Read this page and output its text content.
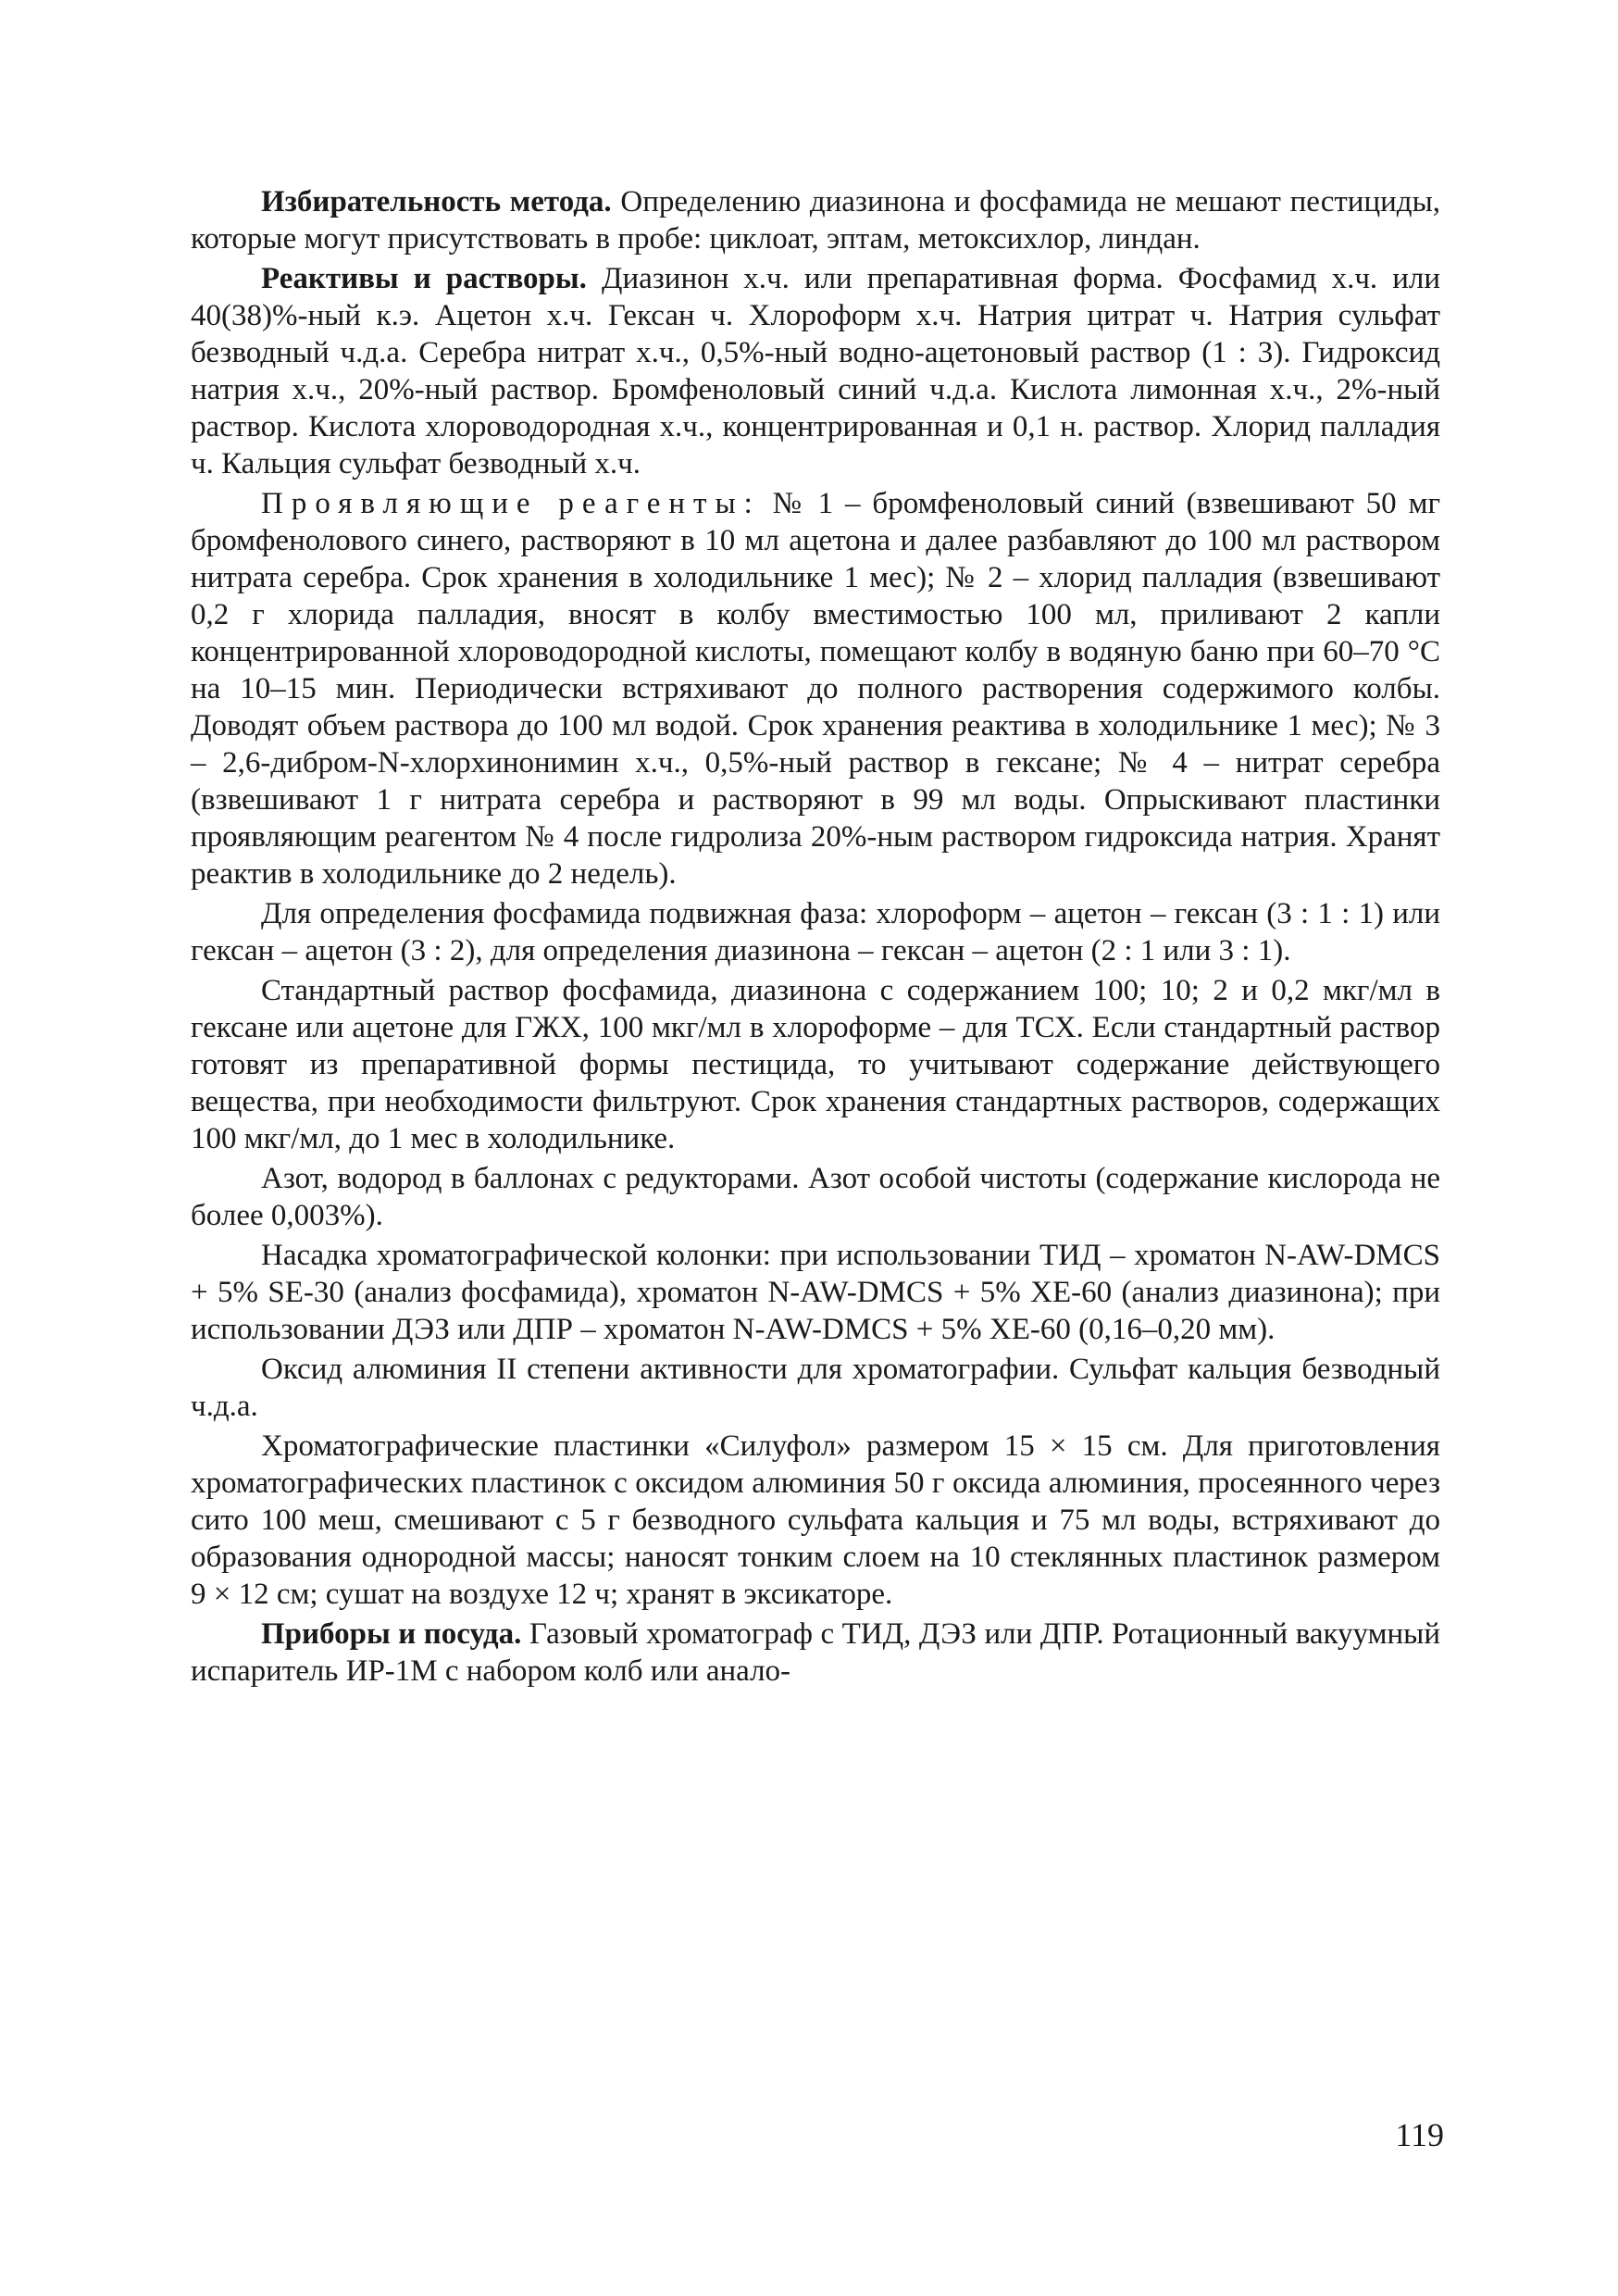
Избирательность метода. Определению диазинона и фосфамида не мешают пестициды, которые могут присутствовать в пробе: циклоат, эптам, метоксихлор, линдан.

Реактивы и растворы. Диазинон х.ч. или препаративная форма. Фосфамид х.ч. или 40(38)%-ный к.э. Ацетон х.ч. Гексан ч. Хлороформ х.ч. Натрия цитрат ч. Натрия сульфат безводный ч.д.а. Серебра нитрат х.ч., 0,5%-ный водно-ацетоновый раствор (1 : 3). Гидроксид натрия х.ч., 20%-ный раствор. Бромфеноловый синий ч.д.а. Кислота лимонная х.ч., 2%-ный раствор. Кислота хлороводородная х.ч., концентрированная и 0,1 н. раствор. Хлорид палладия ч. Кальция сульфат безводный х.ч.

Проявляющие реагенты: № 1 – бромфеноловый синий (взвешивают 50 мг бромфенолового синего, растворяют в 10 мл ацетона и далее разбавляют до 100 мл раствором нитрата серебра. Срок хранения в холодильнике 1 мес); № 2 – хлорид палладия (взвешивают 0,2 г хлорида палладия, вносят в колбу вместимостью 100 мл, приливают 2 капли концентрированной хлороводородной кислоты, помещают колбу в водяную баню при 60–70 °С на 10–15 мин. Периодически встряхивают до полного растворения содержимого колбы. Доводят объем раствора до 100 мл водой. Срок хранения реактива в холодильнике 1 мес); № 3 – 2,6-дибром-N-хлорхинонимин х.ч., 0,5%-ный раствор в гексане; № 4 – нитрат серебра (взвешивают 1 г нитрата серебра и растворяют в 99 мл воды. Опрыскивают пластинки проявляющим реагентом № 4 после гидролиза 20%-ным раствором гидроксида натрия. Хранят реактив в холодильнике до 2 недель).

Для определения фосфамида подвижная фаза: хлороформ – ацетон – гексан (3 : 1 : 1) или гексан – ацетон (3 : 2), для определения диазинона – гексан – ацетон (2 : 1 или 3 : 1).

Стандартный раствор фосфамида, диазинона с содержанием 100; 10; 2 и 0,2 мкг/мл в гексане или ацетоне для ГЖХ, 100 мкг/мл в хлороформе – для ТСХ. Если стандартный раствор готовят из препаративной формы пестицида, то учитывают содержание действующего вещества, при необходимости фильтруют. Срок хранения стандартных растворов, содержащих 100 мкг/мл, до 1 мес в холодильнике.

Азот, водород в баллонах с редукторами. Азот особой чистоты (содержание кислорода не более 0,003%).

Насадка хроматографической колонки: при использовании ТИД – хроматон N-AW-DMCS + 5% SE-30 (анализ фосфамида), хроматон N-AW-DMCS + 5% XE-60 (анализ диазинона); при использовании ДЭЗ или ДПР – хроматон N-AW-DMCS + 5% XE-60 (0,16–0,20 мм).

Оксид алюминия II степени активности для хроматографии. Сульфат кальция безводный ч.д.а.

Хроматографические пластинки «Силуфол» размером 15 × 15 см. Для приготовления хроматографических пластинок с оксидом алюминия 50 г оксида алюминия, просеянного через сито 100 меш, смешивают с 5 г безводного сульфата кальция и 75 мл воды, встряхивают до образования однородной массы; наносят тонким слоем на 10 стеклянных пластинок размером 9 × 12 см; сушат на воздухе 12 ч; хранят в эксикаторе.

Приборы и посуда. Газовый хроматограф с ТИД, ДЭЗ или ДПР. Ротационный вакуумный испаритель ИР-1М с набором колб или анало-

119
